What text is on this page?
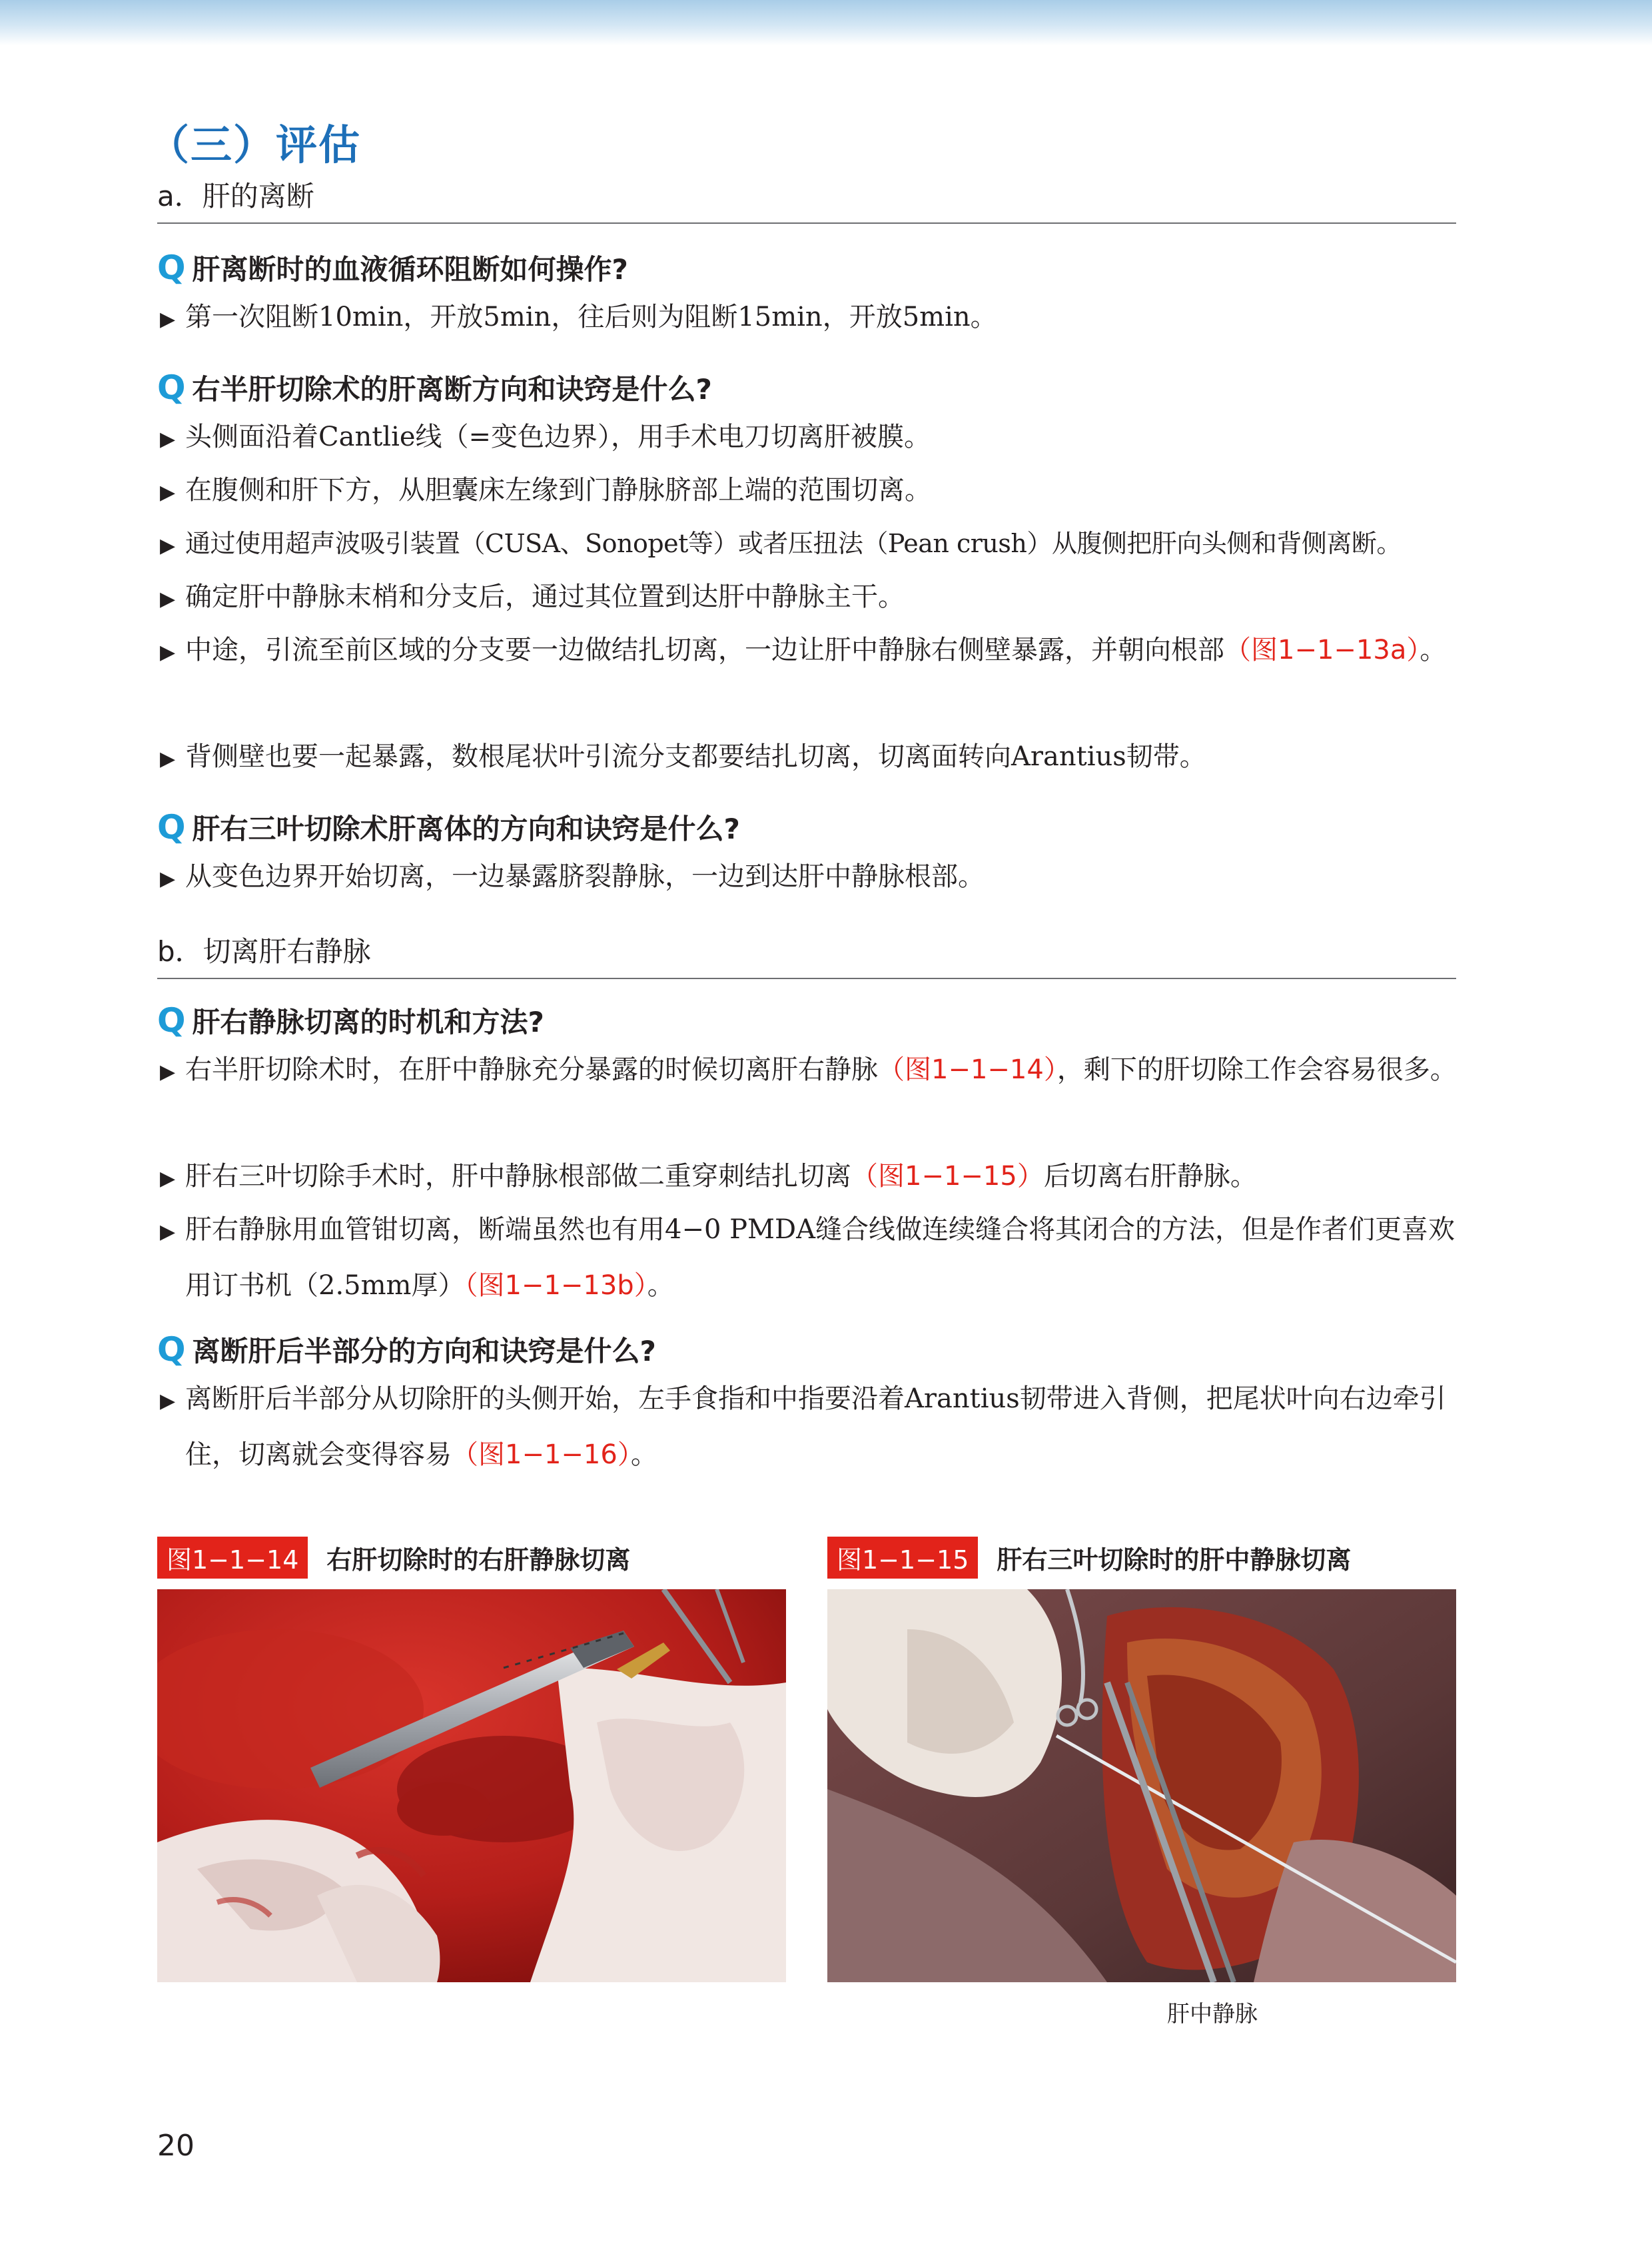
（三）评估
a．肝的离断
Q 肝离断时的血液循环阻断如何操作?
▶ 第一次阻断10min，开放5min，往后则为阻断15min，开放5min。
Q 右半肝切除术的肝离断方向和诀窍是什么?
▶ 头侧面沿着Cantlie线（=变色边界），用手术电刀切离肝被膜。
▶ 在腹侧和肝下方，从胆囊床左缘到门静脉脐部上端的范围切离。
▶ 通过使用超声波吸引装置（CUSA、Sonopet等）或者压扭法（Pean crush）从腹侧把肝向头侧和背侧离断。
▶ 确定肝中静脉末梢和分支后，通过其位置到达肝中静脉主干。
▶ 中途，引流至前区域的分支要一边做结扎切离，一边让肝中静脉右侧壁暴露，并朝向根部（图1−1−13a）。
▶ 背侧壁也要一起暴露，数根尾状叶引流分支都要结扎切离，切离面转向Arantius韧带。
Q 肝右三叶切除术肝离体的方向和诀窍是什么?
▶ 从变色边界开始切离，一边暴露脐裂静脉，一边到达肝中静脉根部。
b．切离肝右静脉
Q 肝右静脉切离的时机和方法?
▶ 右半肝切除术时，在肝中静脉充分暴露的时候切离肝右静脉（图1−1−14），剩下的肝切除工作会容易很多。
▶ 肝右三叶切除手术时，肝中静脉根部做二重穿刺结扎切离（图1−1−15）后切离右肝静脉。
▶ 肝右静脉用血管钳切离，断端虽然也有用4−0 PMDA缝合线做连续缝合将其闭合的方法，但是作者们更喜欢用订书机（2.5mm厚）（图1−1−13b）。
Q 离断肝后半部分的方向和诀窍是什么?
▶ 离断肝后半部分从切除肝的头侧开始，左手食指和中指要沿着Arantius韧带进入背侧，把尾状叶向右边牵引住，切离就会变得容易（图1−1−16）。
图1−1−14	右肝切除时的右肝静脉切离	图1−1−15	肝右三叶切除时的肝中静脉切离
肝中静脉
20
